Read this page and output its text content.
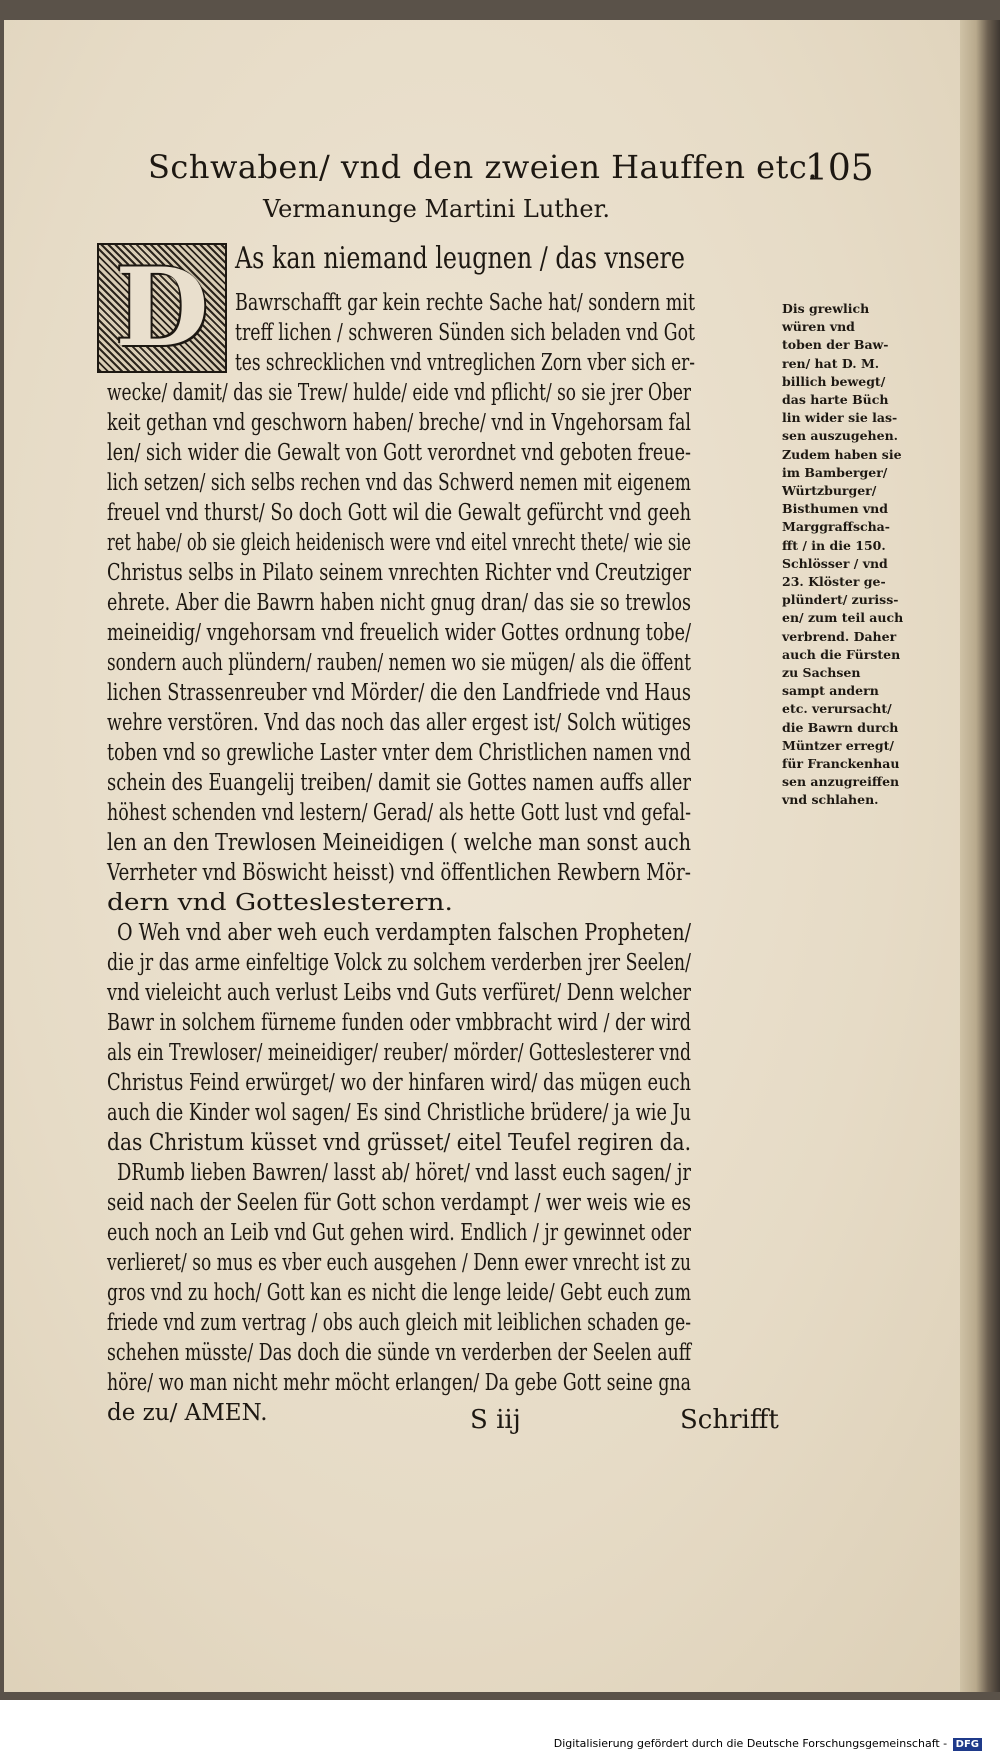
Schwaben/ vnd den zweien Hauffen etc.
105
Vermanunge Martini Luther.
D As kan niemand leugnen / das vnsere
Bawrschafft gar kein rechte Sache hat/ sondern mit
treff lichen / schweren Sünden sich beladen vnd Got
tes schrecklichen vnd vntreglichen Zorn vber sich er-
wecke/ damit/ das sie Trew/ hulde/ eide vnd pflicht/ so sie jrer Ober
keit gethan vnd geschworn haben/ breche/ vnd in Vngehorsam fal
len/ sich wider die Gewalt von Gott verordnet vnd geboten freue-
lich setzen/ sich selbs rechen vnd das Schwerd nemen mit eigenem
freuel vnd thurst/ So doch Gott wil die Gewalt gefürcht vnd geeh
ret habe/ ob sie gleich heidenisch were vnd eitel vnrecht thete/ wie sie
Christus selbs in Pilato seinem vnrechten Richter vnd Creutziger
ehrete. Aber die Bawrn haben nicht gnug dran/ das sie so trewlos
meineidig/ vngehorsam vnd freuelich wider Gottes ordnung tobe/
sondern auch plündern/ rauben/ nemen wo sie mügen/ als die öffent
lichen Strassenreuber vnd Mörder/ die den Landfriede vnd Haus
wehre verstören. Vnd das noch das aller ergest ist/ Solch wütiges
toben vnd so grewliche Laster vnter dem Christlichen namen vnd
schein des Euangelij treiben/ damit sie Gottes namen auffs aller
höhest schenden vnd lestern/ Gerad/ als hette Gott lust vnd gefal-
len an den Trewlosen Meineidigen ( welche man sonst auch
Verrheter vnd Böswicht heisst) vnd öffentlichen Rewbern Mör-
dern vnd Gotteslesterern.
O Weh vnd aber weh euch verdampten falschen Propheten/
die jr das arme einfeltige Volck zu solchem verderben jrer Seelen/
vnd vieleicht auch verlust Leibs vnd Guts verfüret/ Denn welcher
Bawr in solchem fürneme funden oder vmbbracht wird / der wird
als ein Trewloser/ meineidiger/ reuber/ mörder/ Gotteslesterer vnd
Christus Feind erwürget/ wo der hinfaren wird/ das mügen euch
auch die Kinder wol sagen/ Es sind Christliche brüdere/ ja wie Ju
das Christum küsset vnd grüsset/ eitel Teufel regiren da.
DRumb lieben Bawren/ lasst ab/ höret/ vnd lasst euch sagen/ jr
seid nach der Seelen für Gott schon verdampt / wer weis wie es
euch noch an Leib vnd Gut gehen wird. Endlich / jr gewinnet oder
verlieret/ so mus es vber euch ausgehen / Denn ewer vnrecht ist zu
gros vnd zu hoch/ Gott kan es nicht die lenge leide/ Gebt euch zum
friede vnd zum vertrag / obs auch gleich mit leiblichen schaden ge-
schehen müsste/ Das doch die sünde vn verderben der Seelen auff
höre/ wo man nicht mehr möcht erlangen/ Da gebe Gott seine gna
de zu/ AMEN.
Dis grewlich
würen vnd
toben der Baw-
ren/ hat D. M.
billich bewegt/
das harte Büch
lin wider sie las-
sen auszugehen.
Zudem haben sie
im Bamberger/
Würtzburger/
Bisthumen vnd
Marggraffscha-
fft / in die 150.
Schlösser / vnd
23. Klöster ge-
plündert/ zuriss-
en/ zum teil auch
verbrend. Daher
auch die Fürsten
zu Sachsen
sampt andern
etc. verursacht/
die Bawrn durch
Müntzer erregt/
für Franckenhau
sen anzugreiffen
vnd schlahen.
S iij	Schrifft
Digitalisierung gefördert durch die Deutsche Forschungsgemeinschaft - DFG
